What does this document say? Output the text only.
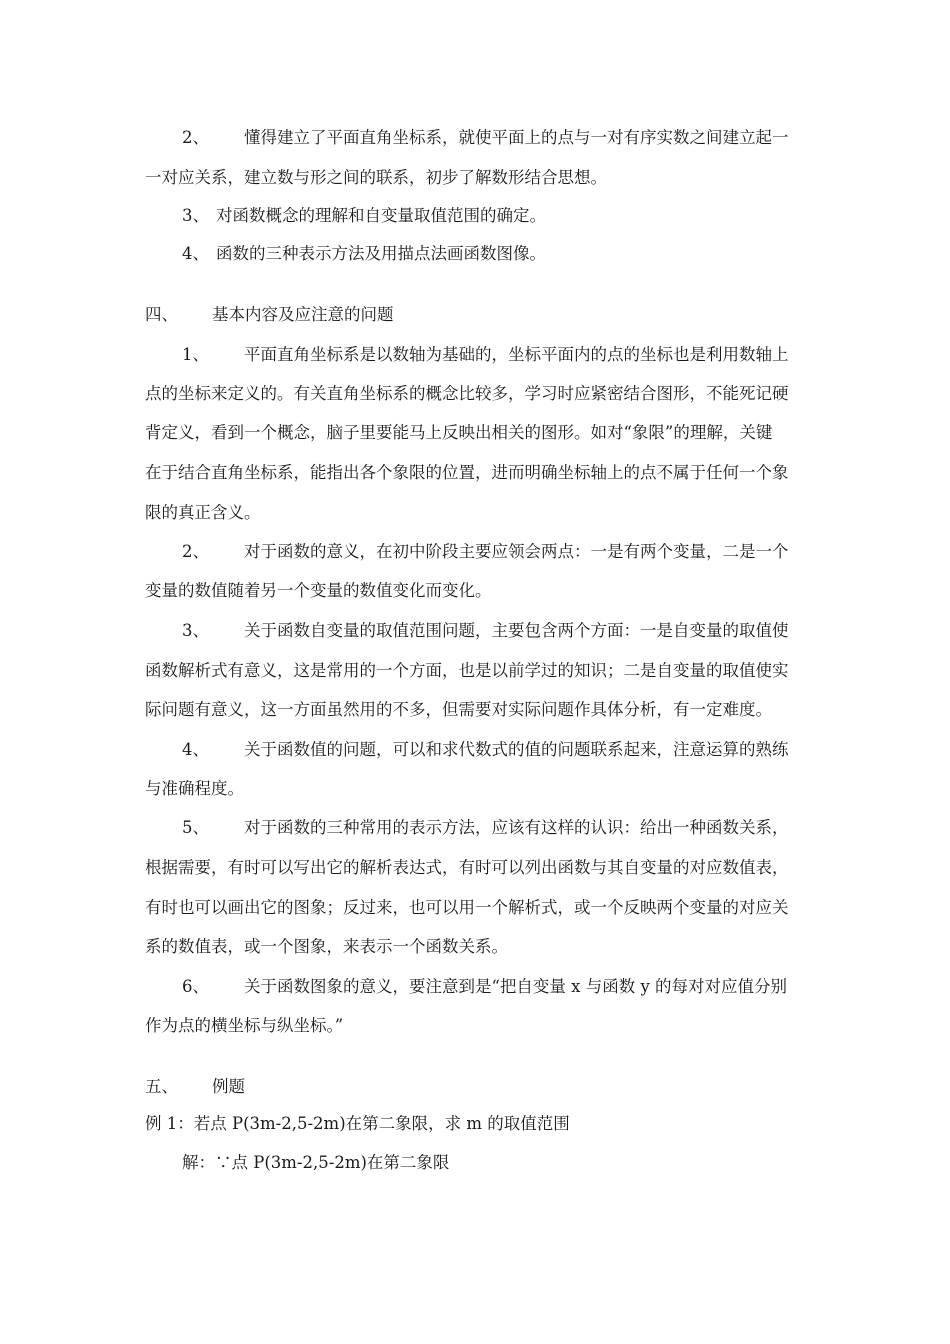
2、 懂得建立了平面直角坐标系，就使平面上的点与一对有序实数之间建立起一
一对应关系，建立数与形之间的联系，初步了解数形结合思想。
3、 对函数概念的理解和自变量取值范围的确定。
4、 函数的三种表示方法及用描点法画函数图像。
四、 基本内容及应注意的问题
1、 平面直角坐标系是以数轴为基础的，坐标平面内的点的坐标也是利用数轴上
点的坐标来定义的。有关直角坐标系的概念比较多，学习时应紧密结合图形，不能死记硬
背定义，看到一个概念，脑子里要能马上反映出相关的图形。如对“象限”的理解，关键
在于结合直角坐标系，能指出各个象限的位置，进而明确坐标轴上的点不属于任何一个象
限的真正含义。
2、 对于函数的意义，在初中阶段主要应领会两点：一是有两个变量，二是一个
变量的数值随着另一个变量的数值变化而变化。
3、 关于函数自变量的取值范围问题，主要包含两个方面：一是自变量的取值使
函数解析式有意义，这是常用的一个方面，也是以前学过的知识；二是自变量的取值使实
际问题有意义，这一方面虽然用的不多，但需要对实际问题作具体分析，有一定难度。
4、 关于函数值的问题，可以和求代数式的值的问题联系起来，注意运算的熟练
与准确程度。
5、 对于函数的三种常用的表示方法，应该有这样的认识：给出一种函数关系，
根据需要，有时可以写出它的解析表达式，有时可以列出函数与其自变量的对应数值表，
有时也可以画出它的图象；反过来，也可以用一个解析式，或一个反映两个变量的对应关
系的数值表，或一个图象，来表示一个函数关系。
6、 关于函数图象的意义，要注意到是“把自变量 x 与函数 y 的每对对应值分别
作为点的横坐标与纵坐标。”
五、 例题
例 1：若点 P(3m-2,5-2m)在第二象限，求 m 的取值范围
解：∵点 P(3m-2,5-2m)在第二象限
